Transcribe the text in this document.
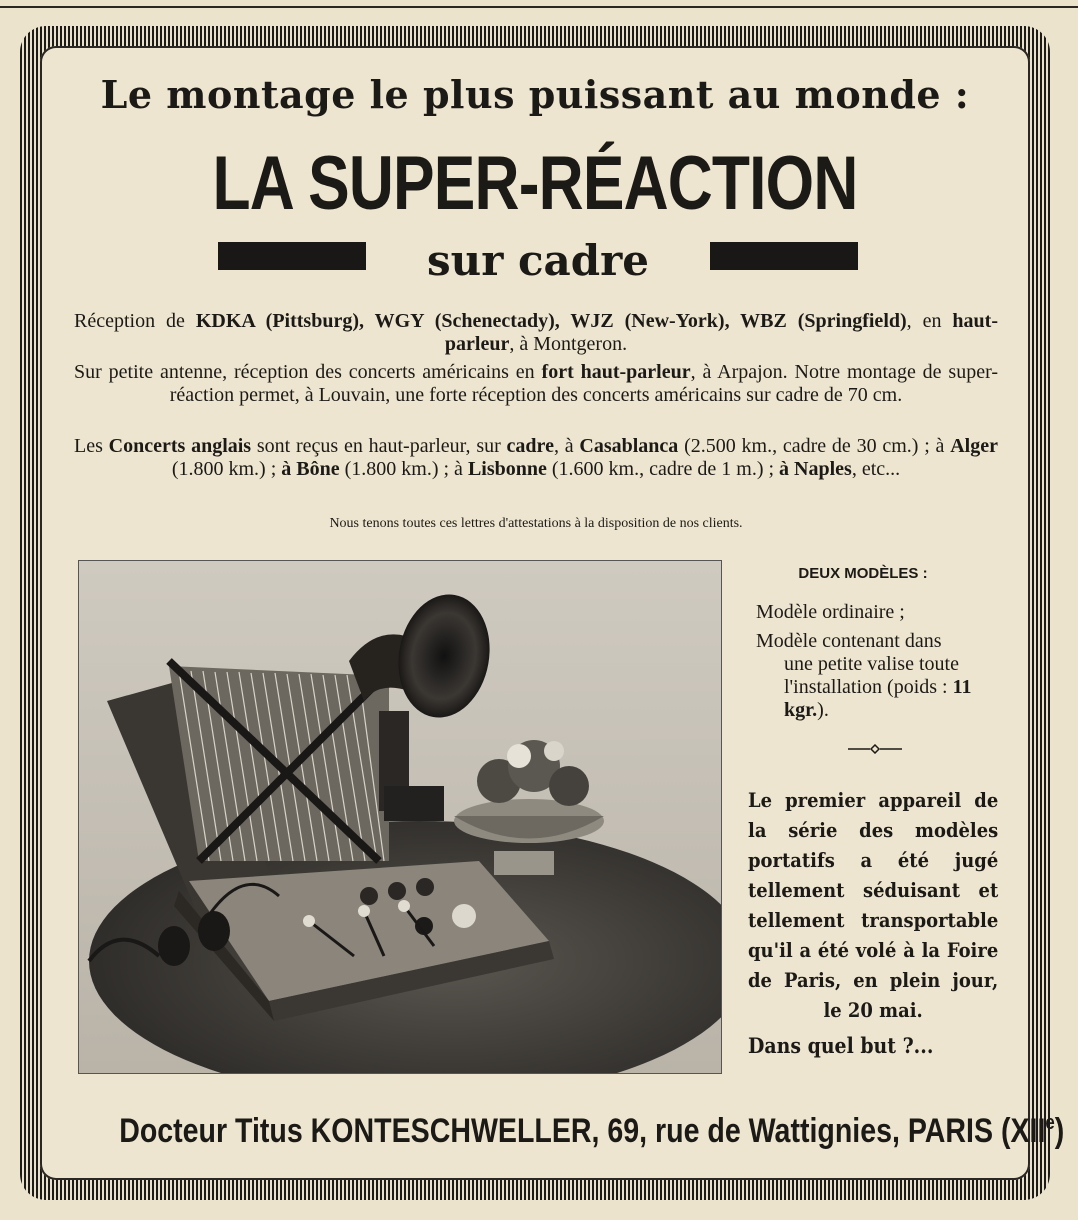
Le montage le plus puissant au monde :
LA SUPER-RÉACTION
sur cadre
Réception de KDKA (Pittsburg), WGY (Schenectady), WJZ (New-York), WBZ (Springfield), en haut-parleur, à Montgeron.
Sur petite antenne, réception des concerts américains en fort haut-parleur, à Arpajon. Notre montage de super-réaction permet, à Louvain, une forte réception des concerts américains sur cadre de 70 cm.
Les Concerts anglais sont reçus en haut-parleur, sur cadre, à Casablanca (2.500 km., cadre de 30 cm.) ; à Alger (1.800 km.) ; à Bône (1.800 km.) ; à Lisbonne (1.600 km., cadre de 1 m.) ; à Naples, etc...
Nous tenons toutes ces lettres d'attestations à la disposition de nos clients.
DEUX MODÈLES :
Modèle ordinaire ;
Modèle contenant dans
une petite valise toute l'installation (poids : 11 kgr.).
Le premier appareil de la série des modèles portatifs a été jugé tellement séduisant et tellement transportable qu'il a été volé à la Foire de Paris, en plein jour, le 20 mai.
Dans quel but ?...
Docteur Titus KONTESCHWELLER, 69, rue de Wattignies, PARIS (XIIe)
